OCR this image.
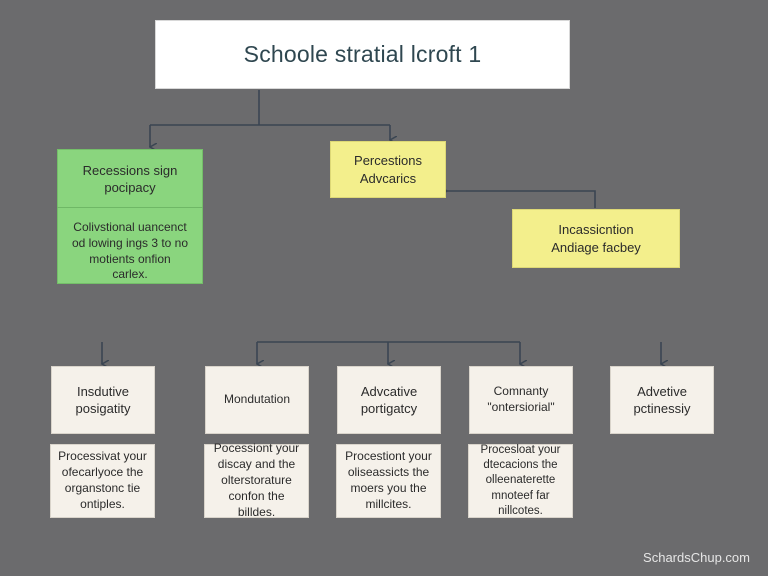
Schoole stratial lcroft 1
Recessions sign
pocipacy
Colivstional uancenct
od lowing ings 3 to no
motients onfion
carlex.
Percestions
Advcarics
Incassicntion
Andiage facbey
Insdutive
posigatity
Processivat your
ofecarlyoce the
organstonc tie
ontiples.
Mondutation
Pocessiont your
discay and the
olterstorature
confon the
billdes.
Advcative
portigatcy
Procestiont your
oliseassicts the
moers you the
millcites.
Comnanty
"ontersiorial"
Procesloat your
dtecacions the
olleenaterette
mnoteef far
nillcotes.
Advetive
pctinessiy
SchardsChup.com
